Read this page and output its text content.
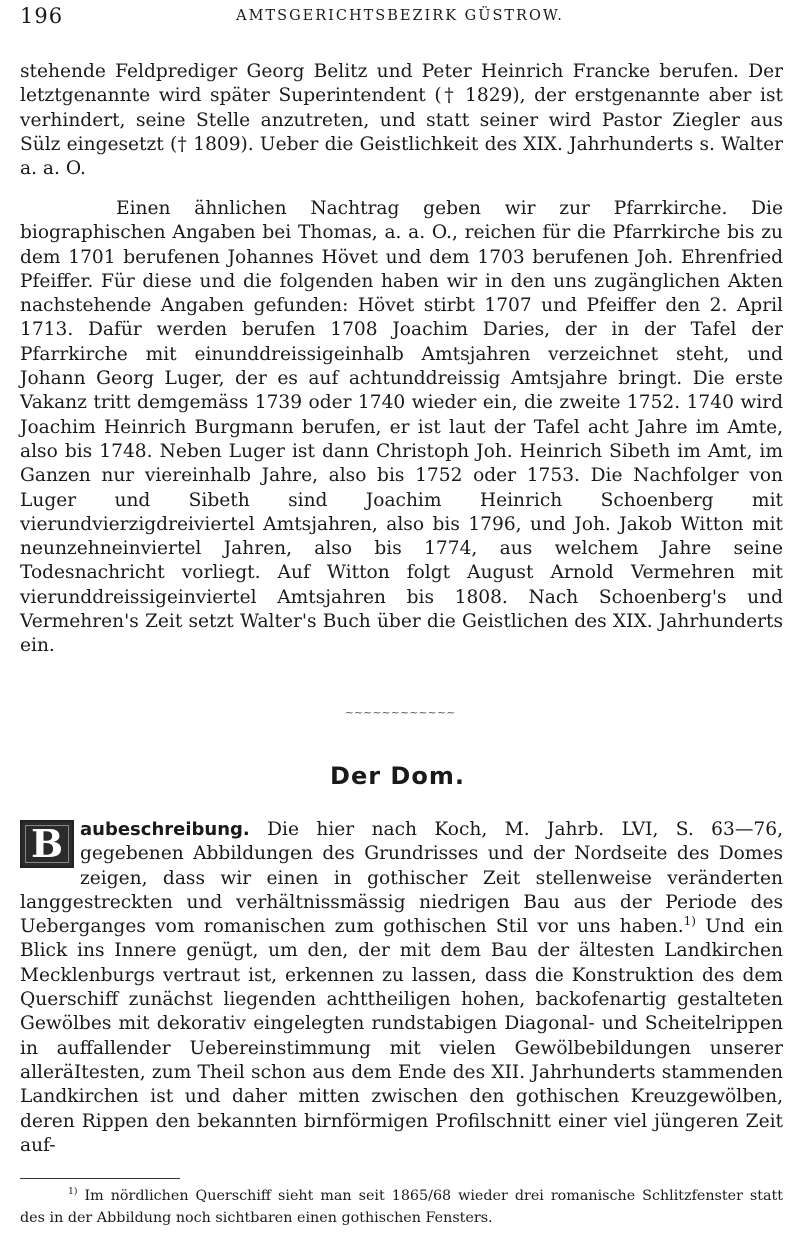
196	AMTSGERICHTSBEZIRK GÜSTROW.

stehende Feldprediger Georg Belitz und Peter Heinrich Francke berufen. Der letztgenannte wird später Superintendent († 1829), der erstgenannte aber ist verhindert, seine Stelle anzutreten, und statt seiner wird Pastor Ziegler aus Sülz eingesetzt († 1809). Ueber die Geistlichkeit des XIX. Jahrhunderts s. Walter a. a. O.

Einen ähnlichen Nachtrag geben wir zur Pfarrkirche. Die biographischen Angaben bei Thomas, a. a. O., reichen für die Pfarrkirche bis zu dem 1701 berufenen Johannes Hövet und dem 1703 berufenen Joh. Ehrenfried Pfeiffer. Für diese und die folgenden haben wir in den uns zugänglichen Akten nachstehende Angaben gefunden: Hövet stirbt 1707 und Pfeiffer den 2. April 1713. Dafür werden berufen 1708 Joachim Daries, der in der Tafel der Pfarrkirche mit einunddreissigeinhalb Amtsjahren verzeichnet steht, und Johann Georg Luger, der es auf achtunddreissig Amtsjahre bringt. Die erste Vakanz tritt demgemäss 1739 oder 1740 wieder ein, die zweite 1752. 1740 wird Joachim Heinrich Burgmann berufen, er ist laut der Tafel acht Jahre im Amte, also bis 1748. Neben Luger ist dann Christoph Joh. Heinrich Sibeth im Amt, im Ganzen nur viereinhalb Jahre, also bis 1752 oder 1753. Die Nachfolger von Luger und Sibeth sind Joachim Heinrich Schoenberg mit vierundvierzigdreiviertel Amtsjahren, also bis 1796, und Joh. Jakob Witton mit neunzehneinviertel Jahren, also bis 1774, aus welchem Jahre seine Todesnachricht vorliegt. Auf Witton folgt August Arnold Vermehren mit vierunddreissigeinviertel Amtsjahren bis 1808. Nach Schoenberg's und Vermehren's Zeit setzt Walter's Buch über die Geistlichen des XIX. Jahrhunderts ein.

~~~~~~~~~~~~
Der Dom.

B aubeschreibung. Die hier nach Koch, M. Jahrb. LVI, S. 63—76, gegebenen Abbildungen des Grundrisses und der Nordseite des Domes zeigen, dass wir einen in gothischer Zeit stellenweise veränderten langgestreckten und verhältnissmässig niedrigen Bau aus der Periode des Ueberganges vom romanischen zum gothischen Stil vor uns haben.$^{1)}$ Und ein Blick ins Innere genügt, um den, der mit dem Bau der ältesten Landkirchen Mecklenburgs vertraut ist, erkennen zu lassen, dass die Konstruktion des dem Querschiff zunächst liegenden achttheiligen hohen, backofenartig gestalteten Gewölbes mit dekorativ eingelegten rundstabigen Diagonal- und Scheitelrippen in auffallender Uebereinstimmung mit vielen Gewölbebildungen unserer alleräItesten, zum Theil schon aus dem Ende des XII. Jahrhunderts stammenden Landkirchen ist und daher mitten zwischen den gothischen Kreuzgewölben, deren Rippen den bekannten birnförmigen Profilschnitt einer viel jüngeren Zeit auf-

$^{1)}$ Im nördlichen Querschiff sieht man seit 1865/68 wieder drei romanische Schlitzfenster statt des in der Abbildung noch sichtbaren einen gothischen Fensters.
